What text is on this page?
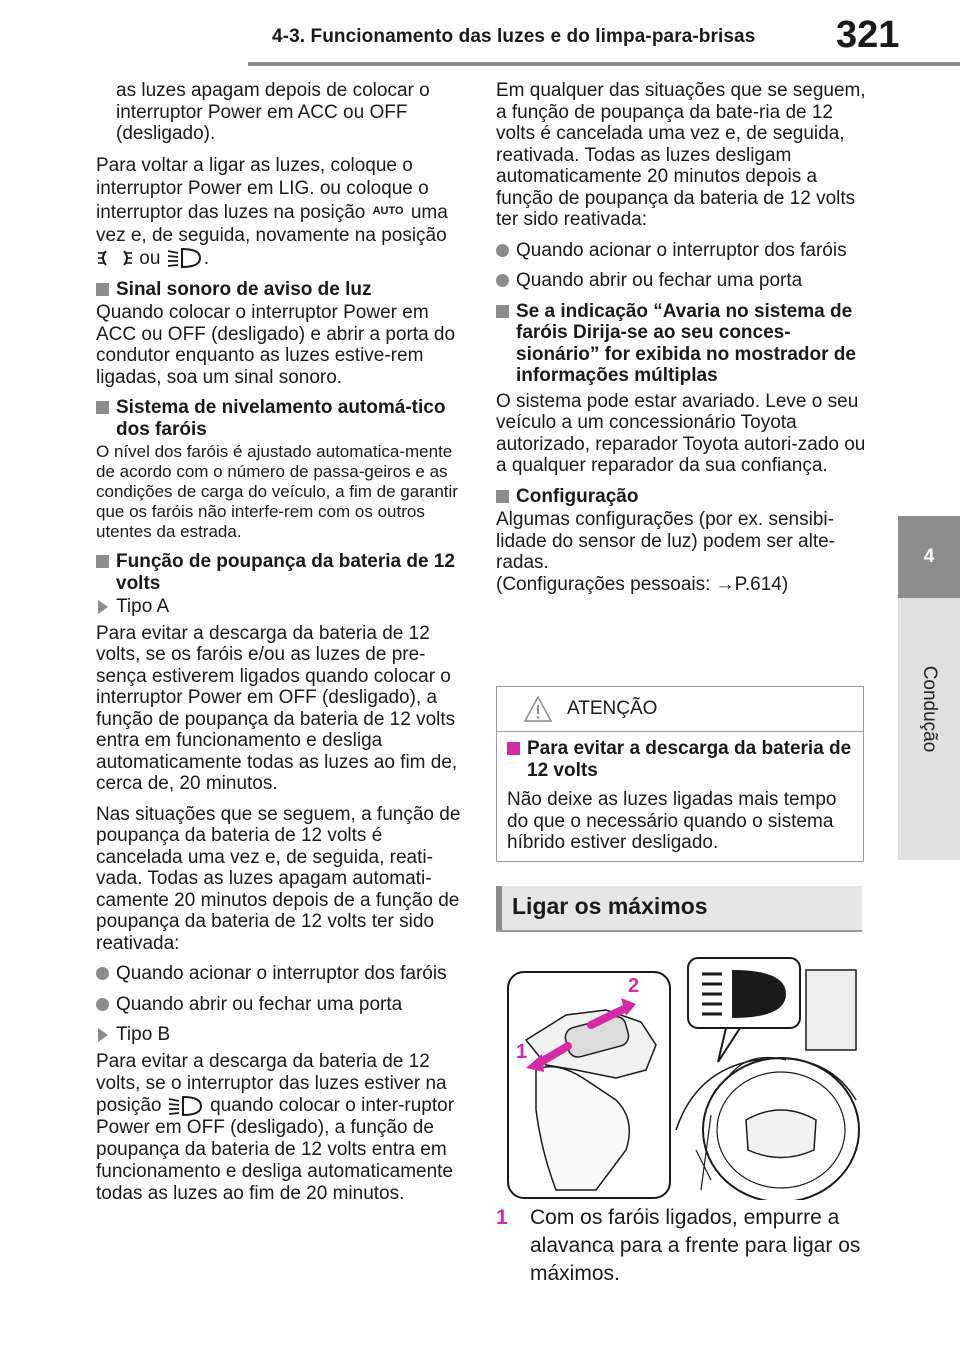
4-3. Funcionamento das luzes e do limpa-para-brisas 321
4
Condução

as luzes apagam depois de colocar o interruptor Power em ACC ou OFF (desligado).

Para voltar a ligar as luzes, coloque o interruptor Power em LIG. ou coloque o interruptor das luzes na posição AUTO uma vez e, de seguida, novamente na posição  ou .

Sinal sonoro de aviso de luz

Quando colocar o interruptor Power em ACC ou OFF (desligado) e abrir a porta do condutor enquanto as luzes estive-rem ligadas, soa um sinal sonoro.

Sistema de nivelamento automá-tico dos faróis

O nível dos faróis é ajustado automatica-mente de acordo com o número de passa-geiros e as condições de carga do veículo, a fim de garantir que os faróis não interfe-rem com os outros utentes da estrada.

Função de poupança da bateria de 12 volts
Tipo A

Para evitar a descarga da bateria de 12 volts, se os faróis e/ou as luzes de pre-sença estiverem ligados quando colocar o interruptor Power em OFF (desligado), a função de poupança da bateria de 12 volts entra em funcionamento e desliga automaticamente todas as luzes ao fim de, cerca de, 20 minutos.

Nas situações que se seguem, a função de poupança da bateria de 12 volts é cancelada uma vez e, de seguida, reati-vada. Todas as luzes apagam automati-camente 20 minutos depois de a função de poupança da bateria de 12 volts ter sido reativada:

Quando acionar o interruptor dos faróis
Quando abrir ou fechar uma porta
Tipo B

Para evitar a descarga da bateria de 12 volts, se o interruptor das luzes estiver na posição	quando colocar o inter-ruptor Power em OFF (desligado), a função de poupança da bateria de 12 volts entra em funcionamento e desliga automaticamente todas as luzes ao fim de 20 minutos.

Em qualquer das situações que se seguem, a função de poupança da bate-ria de 12 volts é cancelada uma vez e, de seguida, reativada. Todas as luzes desligam automaticamente 20 minutos depois a função de poupança da bateria de 12 volts ter sido reativada:

Quando acionar o interruptor dos faróis
Quando abrir ou fechar uma porta
Se a indicação “Avaria no sistema de faróis Dirija-se ao seu conces-sionário” for exibida no mostrador de informações múltiplas

O sistema pode estar avariado. Leve o seu veículo a um concessionário Toyota autorizado, reparador Toyota autori-zado ou a qualquer reparador da sua confiança.

Configuração

Algumas configurações (por ex. sensibi-lidade do sensor de luz) podem ser alte-radas.

(Configurações pessoais: →P.614)

ATENÇÃO
Para evitar a descarga da bateria de 12 volts

Não deixe as luzes ligadas mais tempo do que o necessário quando o sistema híbrido estiver desligado.

Ligar os máximos
2
1
1	Com os faróis ligados, empurre a alavanca para a frente para ligar os máximos.
